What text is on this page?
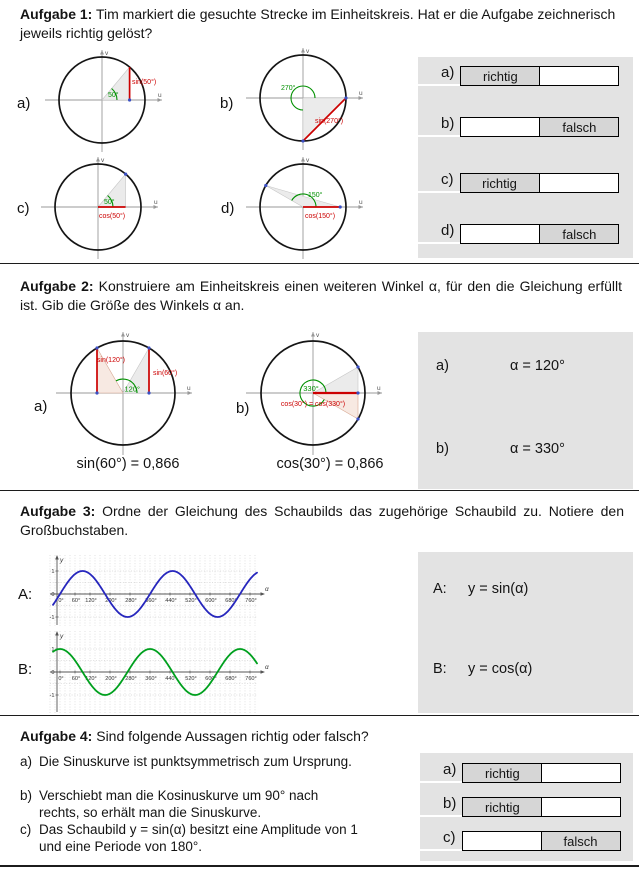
Aufgabe 1: Tim markiert die gesuchte Strecke im Einheitskreis. Hat er die Aufgabe zeichnerisch jeweils richtig gelöst?

a)	u
v
50°
sin(50°)
b)
u
v
270°
sin(270°)
c)	u
v
50°
cos(50°)	d)	u
v
150°
cos(150°)
a)	richtig
b)	falsch
c)	richtig
d)	falsch

Aufgabe 2: Konstruiere am Einheitskreis einen weiteren Winkel α, für den die Gleichung erfüllt ist. Gib die Größe des Winkels α an.

a)
u
v
120°
sin(120°)
sin(60°)
sin(60°) = 0,866
b)
u
v
330°
cos(30°) = cos(330°)
cos(30°) = 0,866
a)	α = 120°
b)	α = 330°

Aufgabe 3: Ordne der Gleichung des Schaubilds das zugehörige Schaubild zu. Notiere den Großbuchstaben.

A:	0° 60° 120° 200° 280° 360° 440° 520° 600° 680° 760°
1
-1
0
y
α
B:
0° 60° 120° 200° 280° 360° 440° 520° 600° 680° 760°
1
-1
0
y
α
A: y = sin(α)
B: y = cos(α)

Aufgabe 4: Sind folgende Aussagen richtig oder falsch?

a) Die Sinuskurve ist punktsymmetrisch zum Ursprung.
b) Verschiebt man die Kosinuskurve um 90° nach rechts, so erhält man die Sinuskurve.
c) Das Schaubild y = sin(α) besitzt eine Amplitude von 1 und eine Periode von 180°.
a)	richtig
b)	richtig
c)	falsch
